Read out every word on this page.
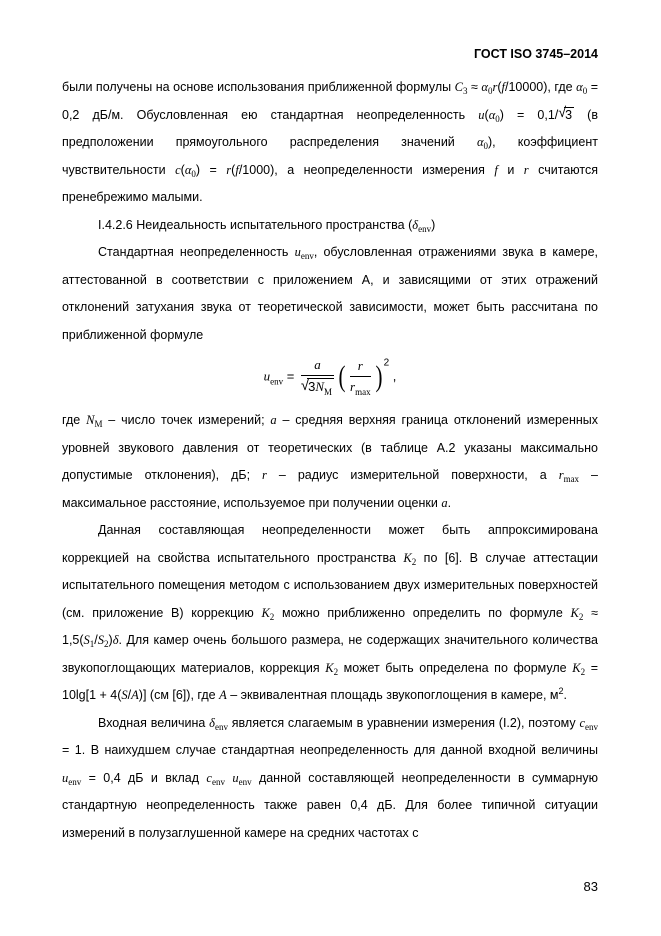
ГОСТ ISO 3745–2014

были получены на основе использования приближенной формулы $C_3 \approx \alpha_0r(f/10000)$, где $\alpha_0 = 0,2$ дБ/м. Обусловленная ею стандартная неопределенность $u(\alpha_0) = 0,1/√3$ (в предположении прямоугольного распределения значений $\alpha_0$), коэффициент чувствительности $c(\alpha_0) = r(f/1000)$, а неопределенности измерения f и r считаются пренебрежимо малыми.

I.4.2.6 Неидеальность испытательного пространства $(\delta_{env})$

Стандартная неопределенность $u_{env}$, обусловленная отражениями звука в камере, аттестованной в соответствии с приложением А, и зависящими от этих отражений отклонений затухания звука от теоретической зависимости, может быть рассчитана по приближенной формуле

$u_{env} = \frac{a}{√3N_M}$ ( $\frac{r}{r_{max}}$ ) $^2$ ,

где $N_M$ – число точек измерений; a – средняя верхняя граница отклонений измеренных уровней звукового давления от теоретических (в таблице А.2 указаны максимально допустимые отклонения), дБ; r – радиус измерительной поверхности, а $r_{max}$ – максимальное расстояние, используемое при получении оценки a.

Данная составляющая неопределенности может быть аппроксимирована коррекцией на свойства испытательного пространства $K_2$ по [6]. В случае аттестации испытательного помещения методом с использованием двух измерительных поверхностей (см. приложение В) коррекцию $K_2$ можно приближенно определить по формуле $K_2 \approx 1,5(S_1/S_2)\delta$. Для камер очень большого размера, не содержащих значительного количества звукопоглощающих материалов, коррекция $K_2$ может быть определена по формуле $K_2 = 10\lg[1 + 4(S/A)]$ (см [6]), где A – эквивалентная площадь звукопоглощения в камере, $м^2$.

Входная величина $\delta_{env}$ является слагаемым в уравнении измерения (I.2), поэтому $c_{env} = 1$. В наихудшем случае стандартная неопределенность для данной входной величины $u_{env} = 0,4$ дБ и вклад $c_{env}$ $u_{env}$ данной составляющей неопределенности в суммарную стандартную неопределенность также равен 0,4 дБ. Для более типичной ситуации измерений в полузаглушенной камере на средних частотах с

83
